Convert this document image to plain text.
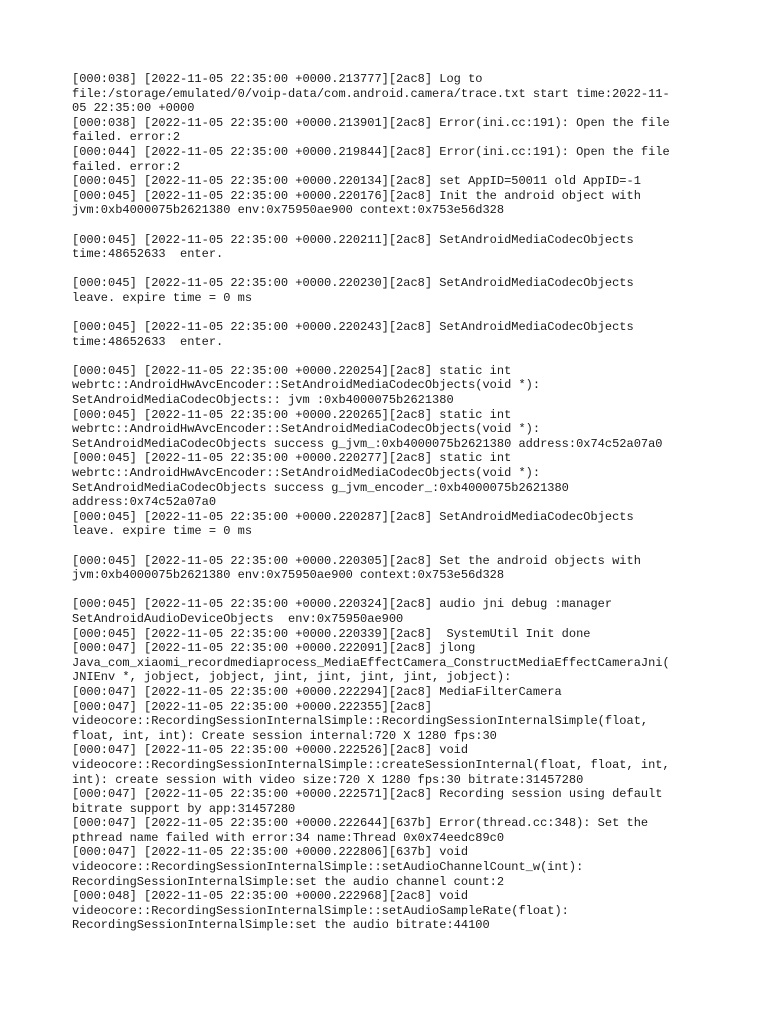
[000:038] [2022-11-05 22:35:00 +0000.213777][2ac8] Log to
file:/storage/emulated/0/voip-data/com.android.camera/trace.txt start time:2022-11-
05 22:35:00 +0000
[000:038] [2022-11-05 22:35:00 +0000.213901][2ac8] Error(ini.cc:191): Open the file
failed. error:2
[000:044] [2022-11-05 22:35:00 +0000.219844][2ac8] Error(ini.cc:191): Open the file
failed. error:2
[000:045] [2022-11-05 22:35:00 +0000.220134][2ac8] set AppID=50011 old AppID=-1
[000:045] [2022-11-05 22:35:00 +0000.220176][2ac8] Init the android object with
jvm:0xb4000075b2621380 env:0x75950ae900 context:0x753e56d328
[000:045] [2022-11-05 22:35:00 +0000.220211][2ac8] SetAndroidMediaCodecObjects
time:48652633  enter.
[000:045] [2022-11-05 22:35:00 +0000.220230][2ac8] SetAndroidMediaCodecObjects
leave. expire time = 0 ms
[000:045] [2022-11-05 22:35:00 +0000.220243][2ac8] SetAndroidMediaCodecObjects
time:48652633  enter.
[000:045] [2022-11-05 22:35:00 +0000.220254][2ac8] static int
webrtc::AndroidHwAvcEncoder::SetAndroidMediaCodecObjects(void *):
SetAndroidMediaCodecObjects:: jvm :0xb4000075b2621380
[000:045] [2022-11-05 22:35:00 +0000.220265][2ac8] static int
webrtc::AndroidHwAvcEncoder::SetAndroidMediaCodecObjects(void *):
SetAndroidMediaCodecObjects success g_jvm_:0xb4000075b2621380 address:0x74c52a07a0
[000:045] [2022-11-05 22:35:00 +0000.220277][2ac8] static int
webrtc::AndroidHwAvcEncoder::SetAndroidMediaCodecObjects(void *):
SetAndroidMediaCodecObjects success g_jvm_encoder_:0xb4000075b2621380
address:0x74c52a07a0
[000:045] [2022-11-05 22:35:00 +0000.220287][2ac8] SetAndroidMediaCodecObjects
leave. expire time = 0 ms
[000:045] [2022-11-05 22:35:00 +0000.220305][2ac8] Set the android objects with
jvm:0xb4000075b2621380 env:0x75950ae900 context:0x753e56d328
[000:045] [2022-11-05 22:35:00 +0000.220324][2ac8] audio jni debug :manager
SetAndroidAudioDeviceObjects  env:0x75950ae900
[000:045] [2022-11-05 22:35:00 +0000.220339][2ac8]  SystemUtil Init done
[000:047] [2022-11-05 22:35:00 +0000.222091][2ac8] jlong
Java_com_xiaomi_recordmediaprocess_MediaEffectCamera_ConstructMediaEffectCameraJni(
JNIEnv *, jobject, jobject, jint, jint, jint, jint, jobject):
[000:047] [2022-11-05 22:35:00 +0000.222294][2ac8] MediaFilterCamera
[000:047] [2022-11-05 22:35:00 +0000.222355][2ac8]
videocore::RecordingSessionInternalSimple::RecordingSessionInternalSimple(float,
float, int, int): Create session internal:720 X 1280 fps:30
[000:047] [2022-11-05 22:35:00 +0000.222526][2ac8] void
videocore::RecordingSessionInternalSimple::createSessionInternal(float, float, int,
int): create session with video size:720 X 1280 fps:30 bitrate:31457280
[000:047] [2022-11-05 22:35:00 +0000.222571][2ac8] Recording session using default
bitrate support by app:31457280
[000:047] [2022-11-05 22:35:00 +0000.222644][637b] Error(thread.cc:348): Set the
pthread name failed with error:34 name:Thread 0x0x74eedc89c0
[000:047] [2022-11-05 22:35:00 +0000.222806][637b] void
videocore::RecordingSessionInternalSimple::setAudioChannelCount_w(int):
RecordingSessionInternalSimple:set the audio channel count:2
[000:048] [2022-11-05 22:35:00 +0000.222968][2ac8] void
videocore::RecordingSessionInternalSimple::setAudioSampleRate(float):
RecordingSessionInternalSimple:set the audio bitrate:44100
